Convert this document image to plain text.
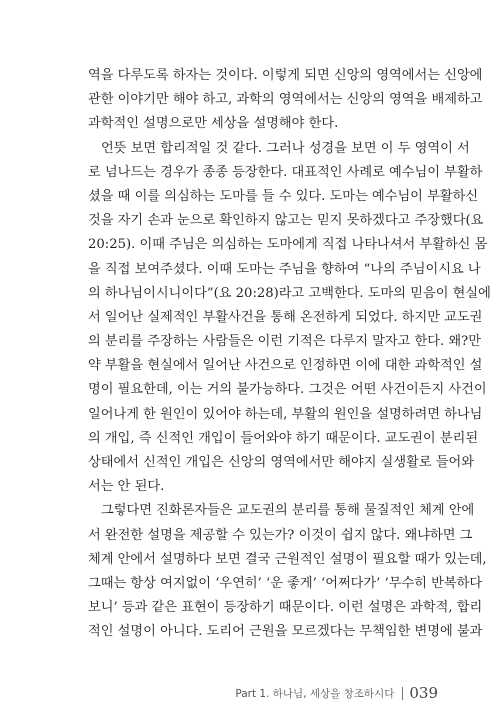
역을 다루도록 하자는 것이다. 이렇게 되면 신앙의 영역에서는 신앙에
관한 이야기만 해야 하고, 과학의 영역에서는 신앙의 영역을 배제하고
과학적인 설명으로만 세상을 설명해야 한다.
언뜻 보면 합리적일 것 같다. 그러나 성경을 보면 이 두 영역이 서
로 넘나드는 경우가 종종 등장한다. 대표적인 사례로 예수님이 부활하
셨을 때 이를 의심하는 도마를 들 수 있다. 도마는 예수님이 부활하신
것을 자기 손과 눈으로 확인하지 않고는 믿지 못하겠다고 주장했다(요
20:25). 이때 주님은 의심하는 도마에게 직접 나타나셔서 부활하신 몸
을 직접 보여주셨다. 이때 도마는 주님을 향하여 “나의 주님이시요 나
의 하나님이시니이다”(요 20:28)라고 고백한다. 도마의 믿음이 현실에
서 일어난 실제적인 부활사건을 통해 온전하게 되었다. 하지만 교도권
의 분리를 주장하는 사람들은 이런 기적은 다루지 말자고 한다. 왜?만
약 부활을 현실에서 일어난 사건으로 인정하면 이에 대한 과학적인 설
명이 필요한데, 이는 거의 불가능하다. 그것은 어떤 사건이든지 사건이
일어나게 한 원인이 있어야 하는데, 부활의 원인을 설명하려면 하나님
의 개입, 즉 신적인 개입이 들어와야 하기 때문이다. 교도권이 분리된
상태에서 신적인 개입은 신앙의 영역에서만 해야지 실생활로 들어와
서는 안 된다.
그렇다면 진화론자들은 교도권의 분리를 통해 물질적인 체계 안에
서 완전한 설명을 제공할 수 있는가? 이것이 쉽지 않다. 왜냐하면 그
체계 안에서 설명하다 보면 결국 근원적인 설명이 필요할 때가 있는데,
그때는 항상 여지없이 ‘우연히’ ‘운 좋게’ ‘어쩌다가’ ‘무수히 반복하다
보니’ 등과 같은 표현이 등장하기 때문이다. 이런 설명은 과학적, 합리
적인 설명이 아니다. 도리어 근원을 모르겠다는 무책임한 변명에 불과
Part 1. 하나님, 세상을 창조하시다 039
